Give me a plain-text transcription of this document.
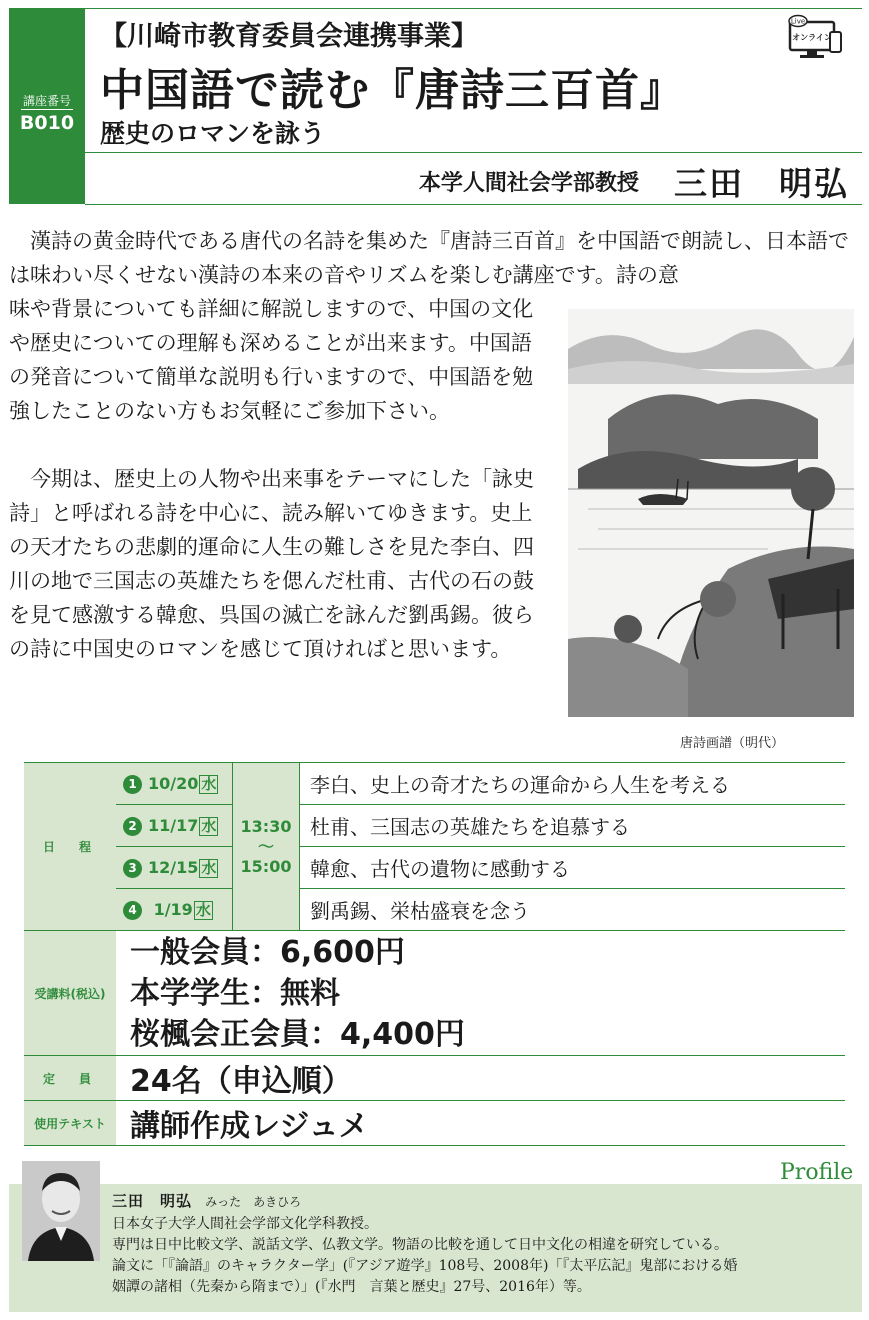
講座番号
B010
【川崎市教育委員会連携事業】
中国語で読む『唐詩三百首』
歴史のロマンを詠う
本学人間社会学部教授 三田　明弘
Live
オンライン

漢詩の黄金時代である唐代の名詩を集めた『唐詩三百首』を中国語で朗読し、日本語では味わい尽くせない漢詩の本来の音やリズムを楽しむ講座です。詩の意

味や背景についても詳細に解説しますので、中国の文化や歴史についての理解も深めることが出来ます。中国語の発音について簡単な説明も行いますので、中国語を勉強したことのない方もお気軽にご参加下さい。

今期は、歴史上の人物や出来事をテーマにした「詠史詩」と呼ばれる詩を中心に、読み解いてゆきます。史上の天才たちの悲劇的運命に人生の難しさを見た李白、四川の地で三国志の英雄たちを偲んだ杜甫、古代の石の鼓を見て感激する韓愈、呉国の滅亡を詠んだ劉禹錫。彼らの詩に中国史のロマンを感じて頂ければと思います。

唐詩画譜（明代）
日　程	1 10/20 水	13:30
〜
15:00	李白、史上の奇才たちの運命から人生を考える
	2 11/17 水		杜甫、三国志の英雄たちを追慕する
	3 12/15 水		韓愈、古代の遺物に感動する
	4 1/19 水		劉禹錫、栄枯盛衰を念う
受講料(税込)	一般会員：6,600円
本学学生：無料
桜楓会正会員：4,400円		

定　員	24名（申込順）		
使用テキスト	講師作成レジュメ		
Profile
三田　明弘 みった　あきひろ
日本女子大学人間社会学部文化学科教授。
専門は日中比較文学、説話文学、仏教文学。物語の比較を通して日中文化の相違を研究している。
論文に「『論語』のキャラクター学」(『アジア遊学』108号、2008年)「『太平広記』鬼部における婚
姻譚の諸相（先秦から隋まで）」(『水門　言葉と歴史』27号、2016年）等。
